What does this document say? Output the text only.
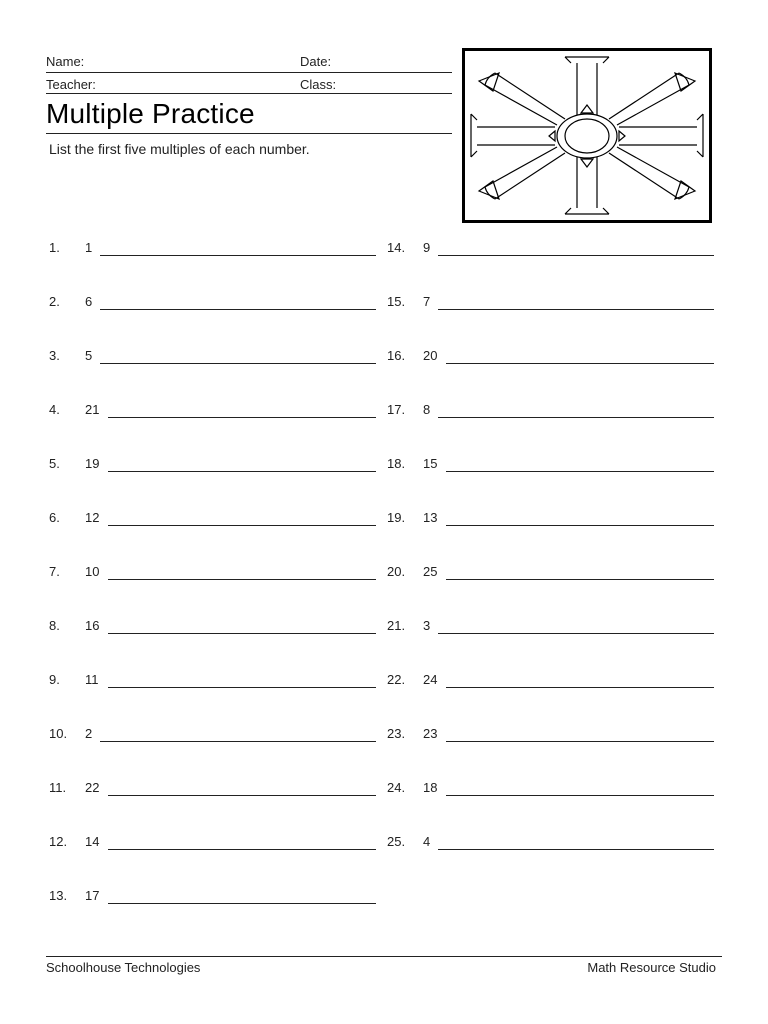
Name:	Date:
Teacher:	Class:
Multiple Practice
List the first five multiples of each number.
1. 1
2. 6
3. 5
4. 21
5. 19
6. 12
7. 10
8. 16
9. 11
10. 2
11. 22
12. 14
13. 17
14. 9
15. 7
16. 20
17. 8
18. 15
19. 13
20. 25
21. 3
22. 24
23. 23
24. 18
25. 4
Schoolhouse Technologies	Math Resource Studio
